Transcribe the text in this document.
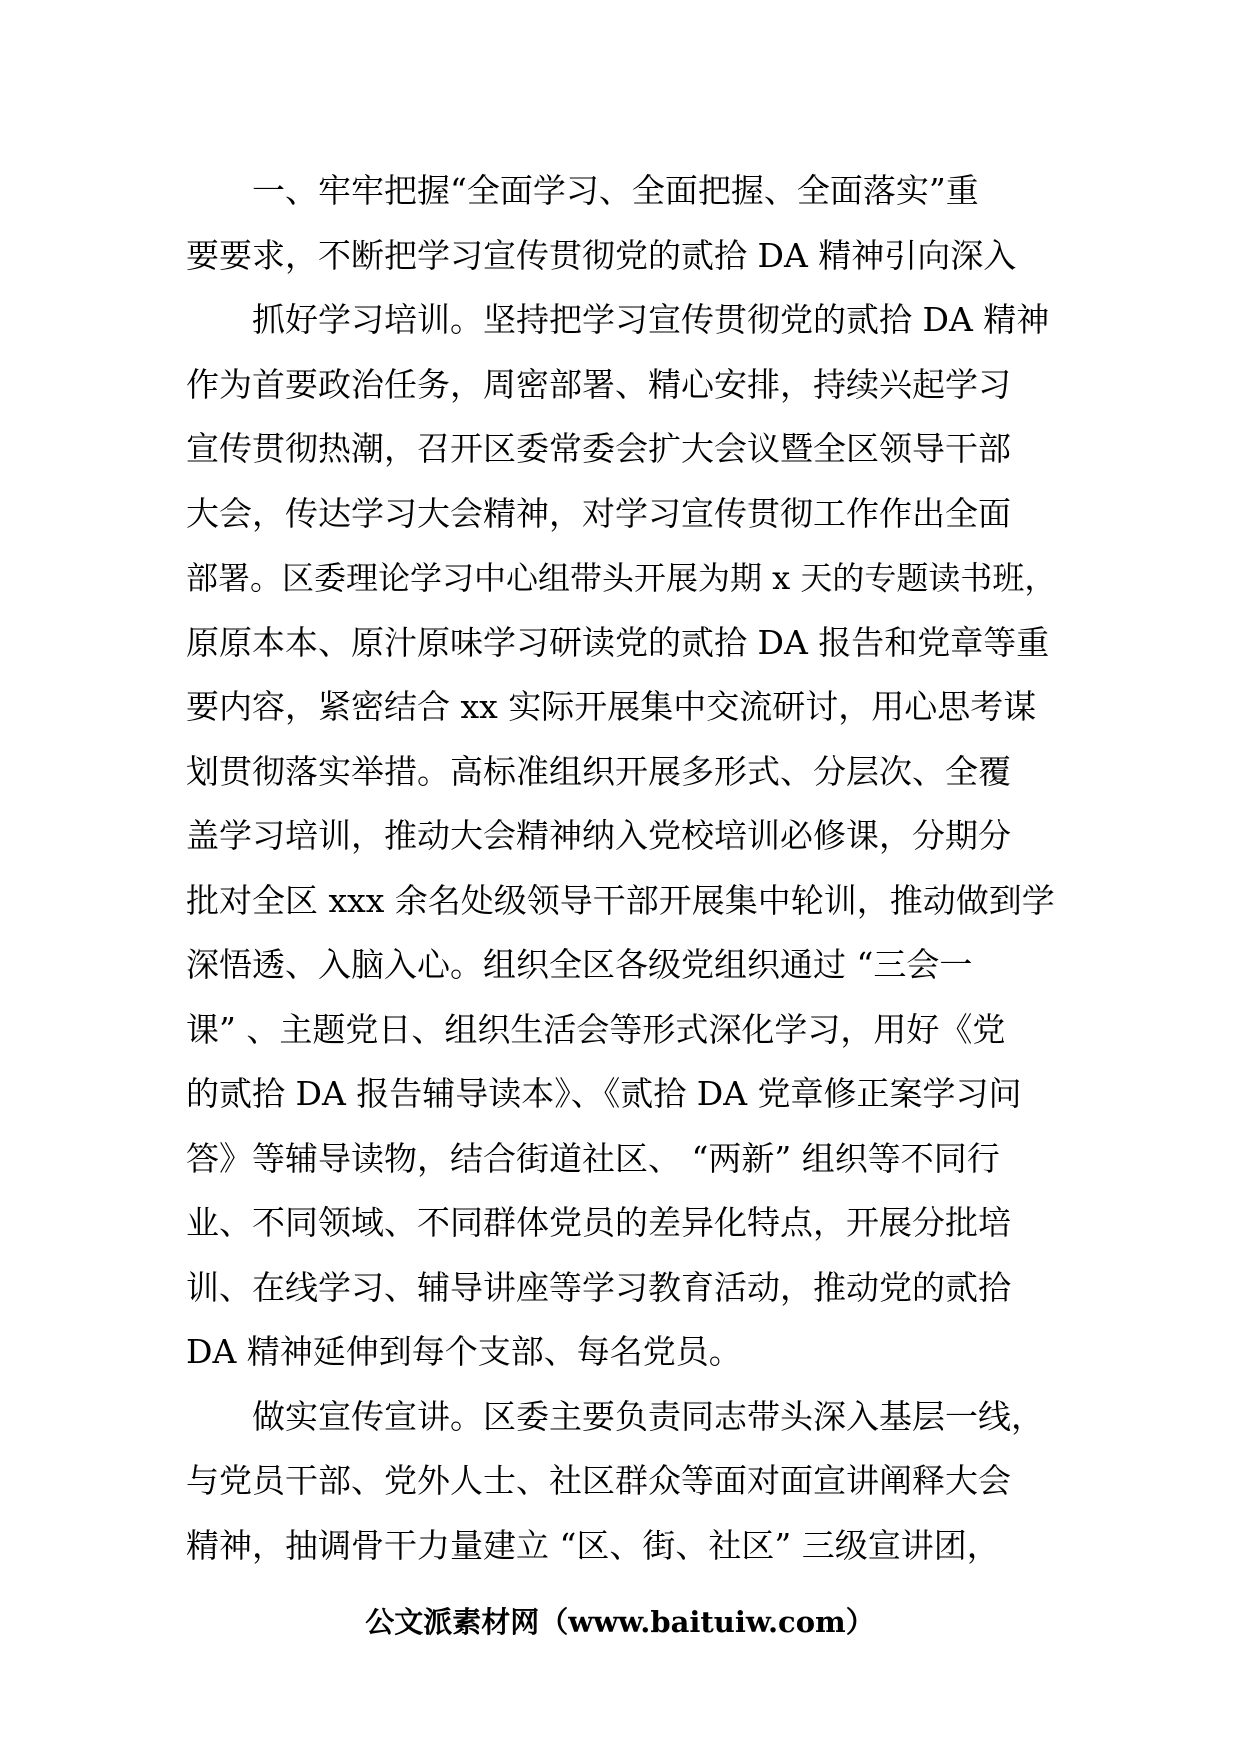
一、牢牢把握“全面学习、全面把握、全面落实”重
要要求，不断把学习宣传贯彻党的贰拾 DA 精神引向深入
抓好学习培训。坚持把学习宣传贯彻党的贰拾 DA 精神
作为首要政治任务，周密部署、精心安排，持续兴起学习
宣传贯彻热潮，召开区委常委会扩大会议暨全区领导干部
大会，传达学习大会精神，对学习宣传贯彻工作作出全面
部署。区委理论学习中心组带头开展为期 x 天的专题读书班，
原原本本、原汁原味学习研读党的贰拾 DA 报告和党章等重
要内容，紧密结合 xx 实际开展集中交流研讨，用心思考谋
划贯彻落实举措。高标准组织开展多形式、分层次、全覆
盖学习培训，推动大会精神纳入党校培训必修课，分期分
批对全区 xxx 余名处级领导干部开展集中轮训，推动做到学
深悟透、入脑入心。组织全区各级党组织通过 “三会一
课” 、主题党日、组织生活会等形式深化学习，用好《党
的贰拾 DA 报告辅导读本》、《贰拾 DA 党章修正案学习问
答》等辅导读物，结合街道社区、 “两新” 组织等不同行
业、不同领域、不同群体党员的差异化特点，开展分批培
训、在线学习、辅导讲座等学习教育活动，推动党的贰拾
DA 精神延伸到每个支部、每名党员。
做实宣传宣讲。区委主要负责同志带头深入基层一线，
与党员干部、党外人士、社区群众等面对面宣讲阐释大会
精神，抽调骨干力量建立 “区、街、社区” 三级宣讲团，
公文派素材网（www.baituiw.com）
